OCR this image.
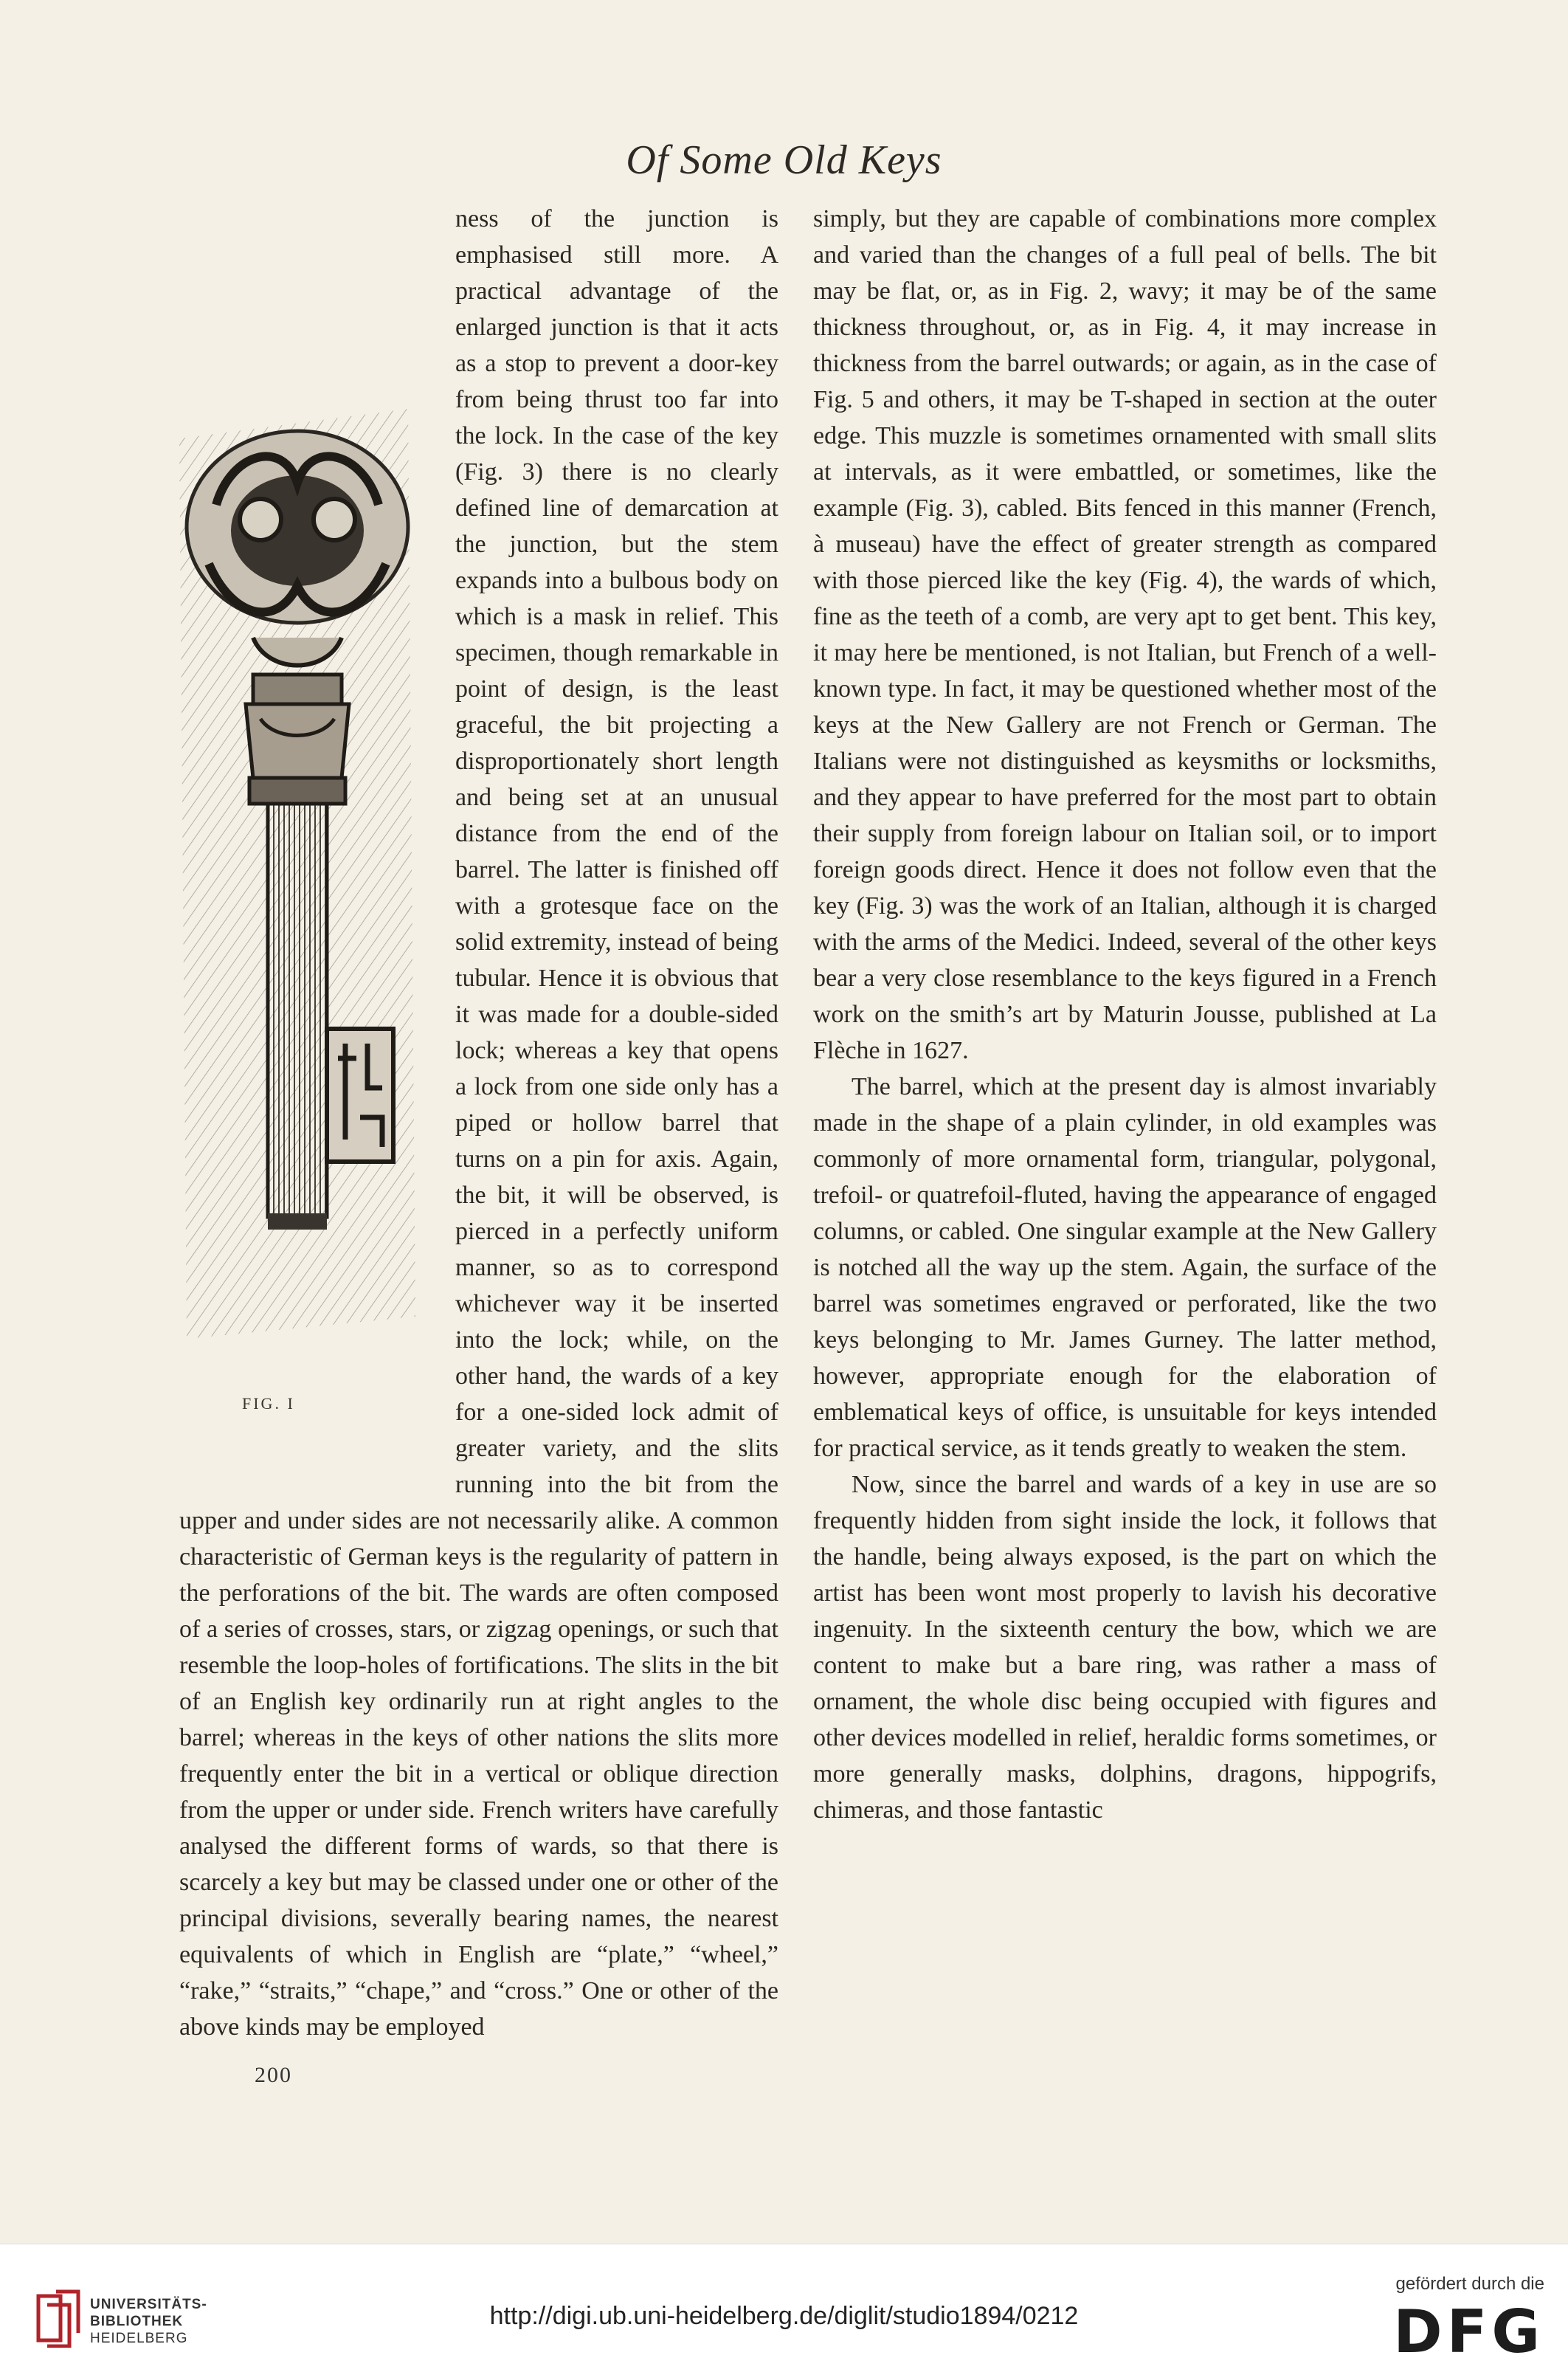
Of Some Old Keys
FIG. I

ness of the junction is emphasised still more. A practical advantage of the enlarged junction is that it acts as a stop to prevent a door-key from being thrust too far into the lock. In the case of the key (Fig. 3) there is no clearly defined line of demarcation at the junction, but the stem expands into a bulbous body on which is a mask in relief. This specimen, though remarkable in point of design, is the least graceful, the bit projecting a disproportionately short length and being set at an unusual distance from the end of the barrel. The latter is finished off with a grotesque face on the solid extremity, instead of being tubular. Hence it is obvious that it was made for a double-sided lock; whereas a key that opens a lock from one side only has a piped or hollow barrel that turns on a pin for axis. Again, the bit, it will be observed, is pierced in a perfectly uniform manner, so as to correspond whichever way it be inserted into the lock; while, on the other hand, the wards of a key for a one-sided lock admit of greater variety, and the slits running into the bit from the upper and under sides are not necessarily alike. A common characteristic of German keys is the regularity of pattern in the perforations of the bit. The wards are often composed of a series of crosses, stars, or zigzag openings, or such that resemble the loop-holes of fortifications. The slits in the bit of an English key ordinarily run at right angles to the barrel; whereas in the keys of other nations the slits more frequently enter the bit in a vertical or oblique direction from the upper or under side. French writers have carefully analysed the different forms of wards, so that there is scarcely a key but may be classed under one or other of the principal divisions, severally bearing names, the nearest equivalents of which in English are “plate,” “wheel,” “rake,” “straits,” “chape,” and “cross.” One or other of the above kinds may be employed

simply, but they are capable of combinations more complex and varied than the changes of a full peal of bells. The bit may be flat, or, as in Fig. 2, wavy; it may be of the same thickness throughout, or, as in Fig. 4, it may increase in thickness from the barrel outwards; or again, as in the case of Fig. 5 and others, it may be T-shaped in section at the outer edge. This muzzle is sometimes ornamented with small slits at intervals, as it were embattled, or sometimes, like the example (Fig. 3), cabled. Bits fenced in this manner (French, à museau) have the effect of greater strength as compared with those pierced like the key (Fig. 4), the wards of which, fine as the teeth of a comb, are very apt to get bent. This key, it may here be mentioned, is not Italian, but French of a well-known type. In fact, it may be questioned whether most of the keys at the New Gallery are not French or German. The Italians were not distinguished as keysmiths or locksmiths, and they appear to have preferred for the most part to obtain their supply from foreign labour on Italian soil, or to import foreign goods direct. Hence it does not follow even that the key (Fig. 3) was the work of an Italian, although it is charged with the arms of the Medici. Indeed, several of the other keys bear a very close resemblance to the keys figured in a French work on the smith’s art by Maturin Jousse, published at La Flèche in 1627.

The barrel, which at the present day is almost invariably made in the shape of a plain cylinder, in old examples was commonly of more ornamental form, triangular, polygonal, trefoil- or quatrefoil-fluted, having the appearance of engaged columns, or cabled. One singular example at the New Gallery is notched all the way up the stem. Again, the surface of the barrel was sometimes engraved or perforated, like the two keys belonging to Mr. James Gurney. The latter method, however, appropriate enough for the elaboration of emblematical keys of office, is unsuitable for keys intended for practical service, as it tends greatly to weaken the stem.

Now, since the barrel and wards of a key in use are so frequently hidden from sight inside the lock, it follows that the handle, being always exposed, is the part on which the artist has been wont most properly to lavish his decorative ingenuity. In the sixteenth century the bow, which we are content to make but a bare ring, was rather a mass of ornament, the whole disc being occupied with figures and other devices modelled in relief, heraldic forms sometimes, or more generally masks, dolphins, dragons, hippogrifs, chimeras, and those fantastic

200
UNIVERSITÄTS-
BIBLIOTHEK
HEIDELBERG
http://digi.ub.uni-heidelberg.de/diglit/studio1894/0212
gefördert durch die
DFG
